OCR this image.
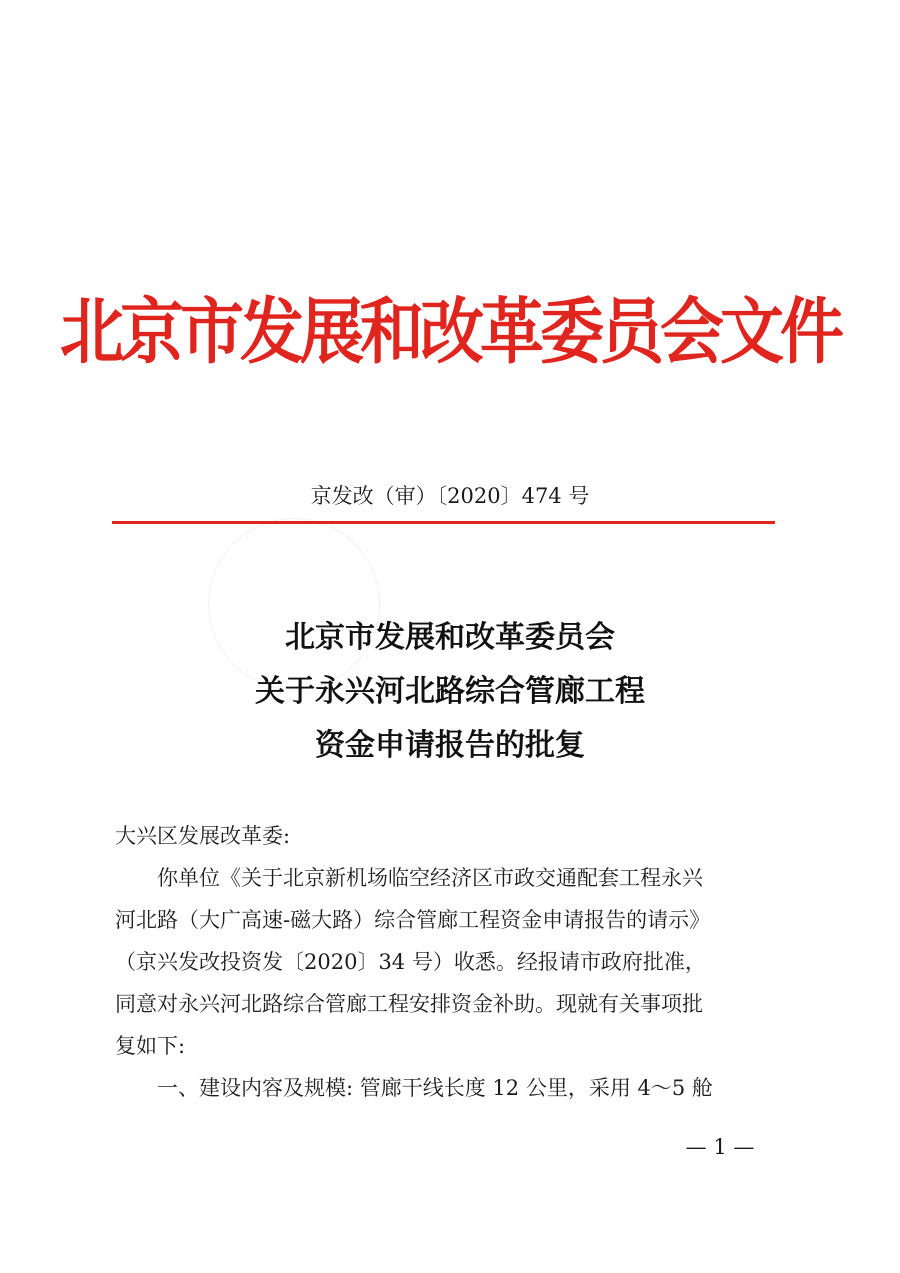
北京市发展和改革委员会文件
京发改（审）〔2020〕474 号
北京市发展和改革委员会
关于永兴河北路综合管廊工程
资金申请报告的批复

大兴区发展改革委:

你单位《关于北京新机场临空经济区市政交通配套工程永兴

河北路（大广高速-磁大路）综合管廊工程资金申请报告的请示》

（京兴发改投资发〔2020〕34 号）收悉。经报请市政府批准，

同意对永兴河北路综合管廊工程安排资金补助。现就有关事项批

复如下:

一、建设内容及规模: 管廊干线长度 12 公里，采用 4～5 舱

— 1 —
